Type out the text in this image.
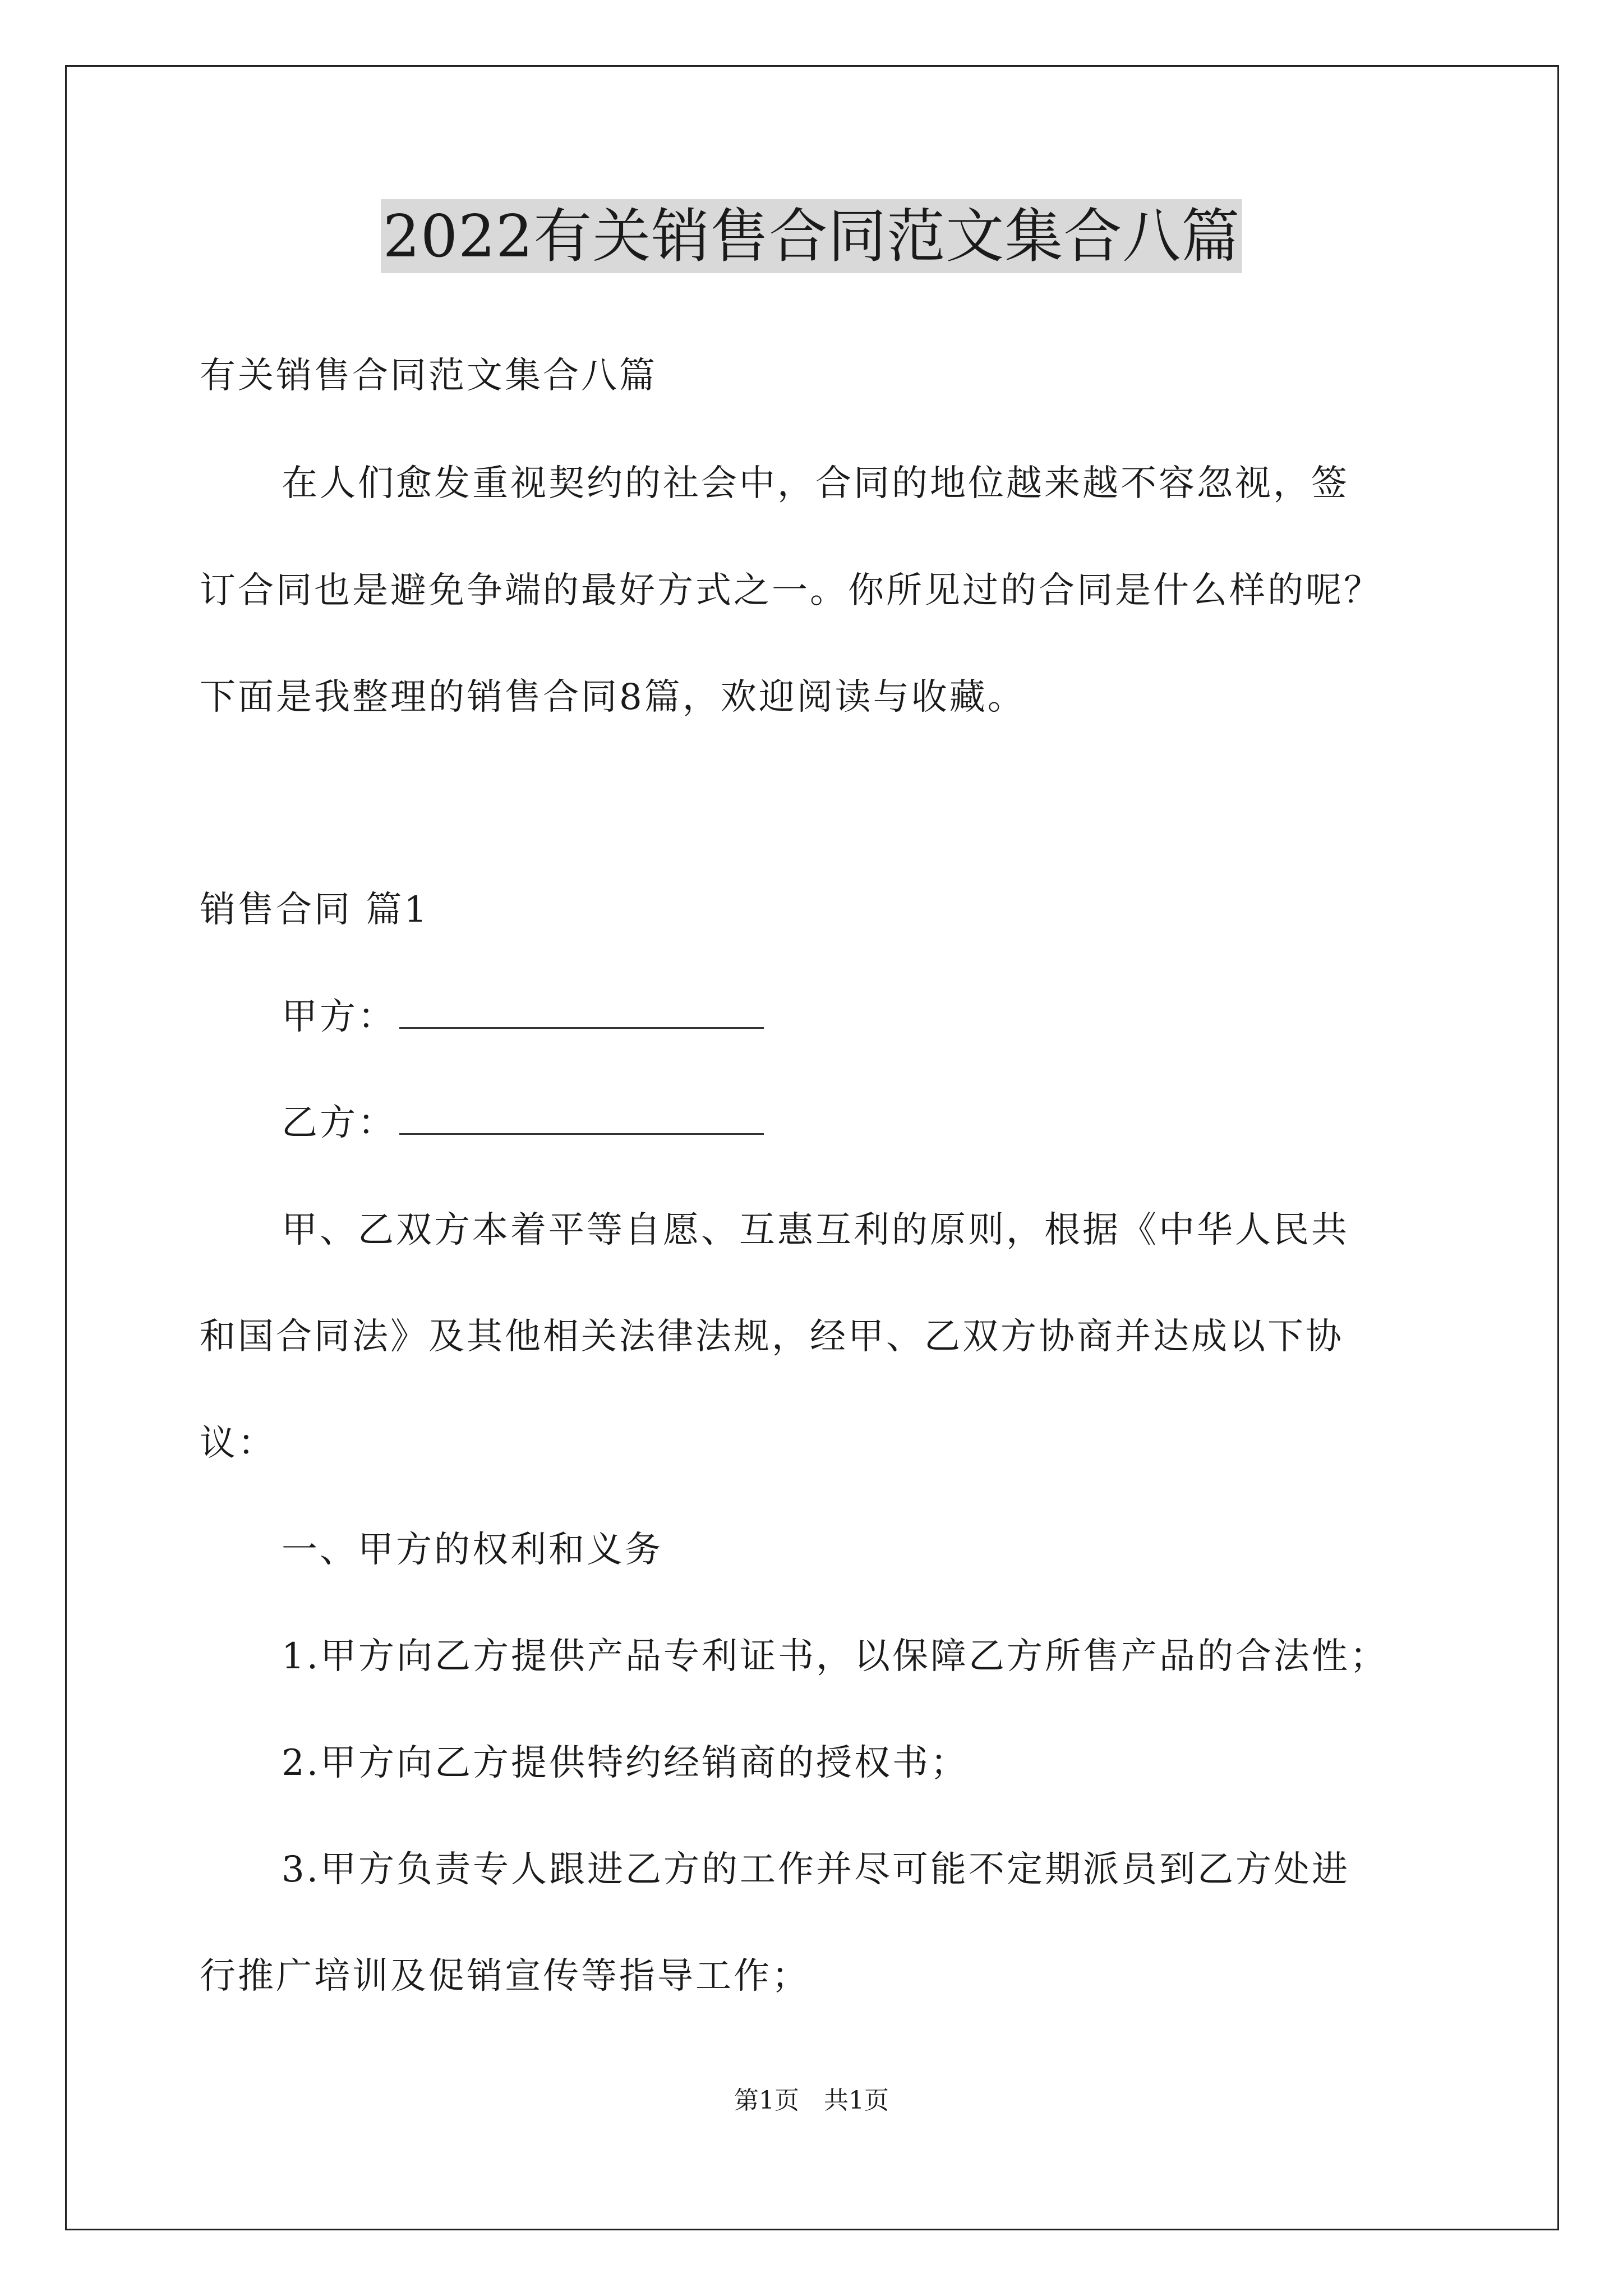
2022有关销售合同范文集合八篇
有关销售合同范文集合八篇
在人们愈发重视契约的社会中，合同的地位越来越不容忽视，签
订合同也是避免争端的最好方式之一。你所见过的合同是什么样的呢？
下面是我整理的销售合同8篇，欢迎阅读与收藏。
销售合同 篇1
甲方：
乙方：
甲、乙双方本着平等自愿、互惠互利的原则，根据《中华人民共
和国合同法》及其他相关法律法规，经甲、乙双方协商并达成以下协
议：
一、甲方的权利和义务
1.甲方向乙方提供产品专利证书，以保障乙方所售产品的合法性；
2.甲方向乙方提供特约经销商的授权书；
3.甲方负责专人跟进乙方的工作并尽可能不定期派员到乙方处进
行推广培训及促销宣传等指导工作；
第1页 共1页
